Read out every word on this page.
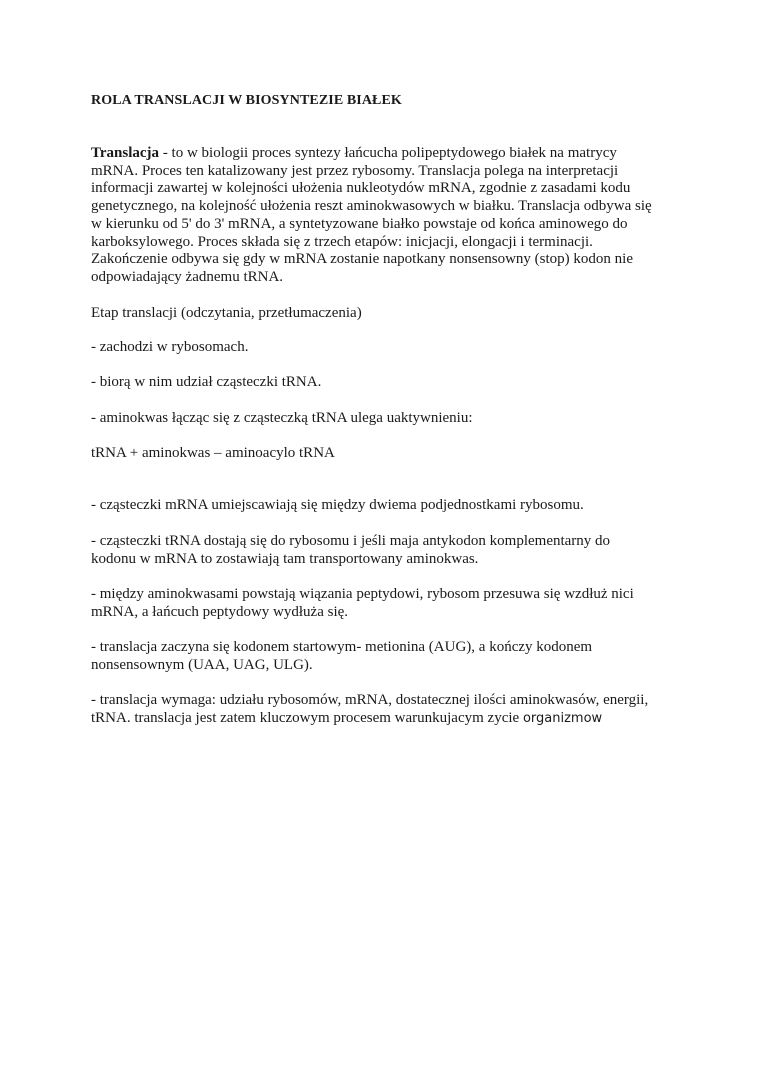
ROLA TRANSLACJI W BIOSYNTEZIE BIAŁEK
Translacja - to w biologii proces syntezy łańcucha polipeptydowego białek na matrycy
mRNA. Proces ten katalizowany jest przez rybosomy. Translacja polega na interpretacji
informacji zawartej w kolejności ułożenia nukleotydów mRNA, zgodnie z zasadami kodu
genetycznego, na kolejność ułożenia reszt aminokwasowych w białku. Translacja odbywa się
w kierunku od 5' do 3' mRNA, a syntetyzowane białko powstaje od końca aminowego do
karboksylowego. Proces składa się z trzech etapów: inicjacji, elongacji i terminacji.
Zakończenie odbywa się gdy w mRNA zostanie napotkany nonsensowny (stop) kodon nie
odpowiadający żadnemu tRNA.
Etap translacji (odczytania, przetłumaczenia)
- zachodzi w rybosomach.
- biorą w nim udział cząsteczki tRNA.
- aminokwas łącząc się z cząsteczką tRNA ulega uaktywnieniu:
tRNA + aminokwas – aminoacylo tRNA
- cząsteczki mRNA umiejscawiają się między dwiema podjednostkami rybosomu.
- cząsteczki tRNA dostają się do rybosomu i jeśli maja antykodon komplementarny do
kodonu w mRNA to zostawiają tam transportowany aminokwas.
- między aminokwasami powstają wiązania peptydowi, rybosom przesuwa się wzdłuż nici
mRNA, a łańcuch peptydowy wydłuża się.
- translacja zaczyna się kodonem startowym- metionina (AUG), a kończy kodonem
nonsensownym (UAA, UAG, ULG).
- translacja wymaga: udziału rybosomów, mRNA, dostatecznej ilości aminokwasów, energii,
tRNA. translacja jest zatem kluczowym procesem warunkujacym zycie organizmow
